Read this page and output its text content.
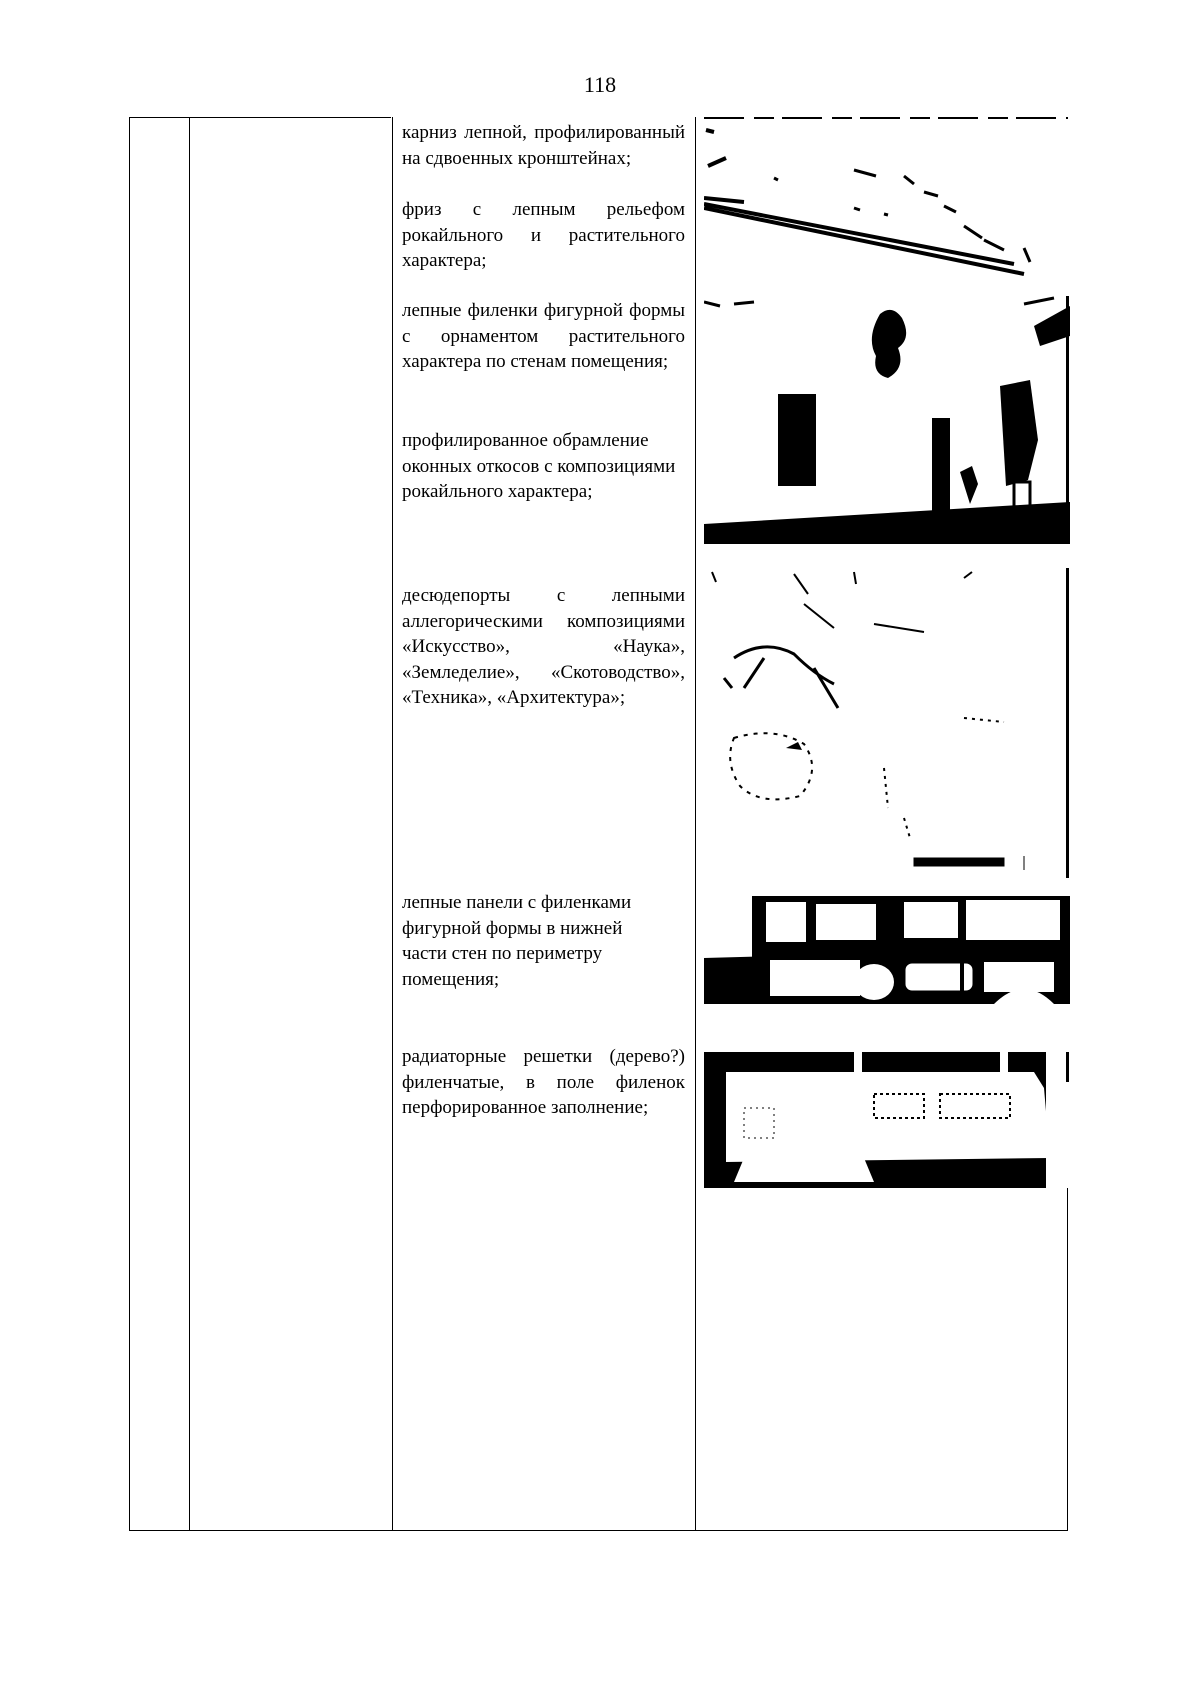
118
карниз лепной, профилированный на сдвоенных кронштейнах;
фриз с лепным рельефом рокайльного и растительного характера;
лепные филенки фигурной формы с орнаментом растительного характера по стенам помещения;
профилированное обрамление оконных откосов с композициями рокайльного характера;
десюдепорты с лепными аллегорическими композициями «Искусство», «Наука», «Земледелие», «Скотоводство», «Техника», «Архитектура»;
лепные панели с филенками фигурной формы в нижней части стен по периметру помещения;
радиаторные решетки (дерево?) филенчатые, в поле филенок перфорированное заполнение;
